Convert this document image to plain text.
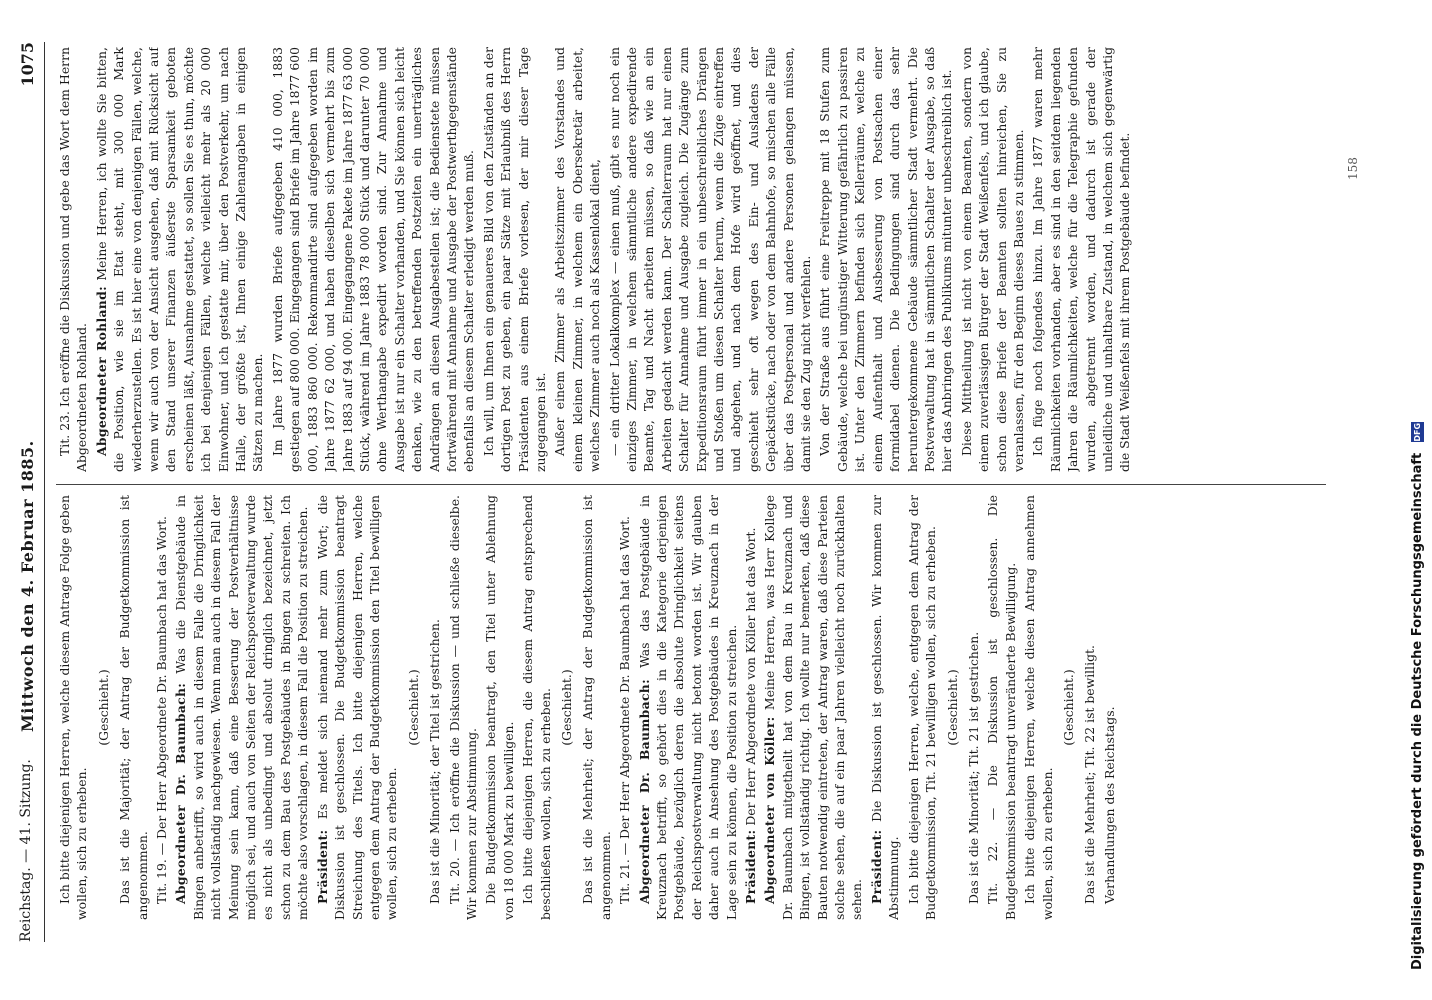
Reichstag. — 41. Sitzung.
Mittwoch den 4. Februar 1885.
1075

Ich bitte diejenigen Herren, welche diesem Antrage Folge geben wollen, sich zu erheben.

(Geschieht.) Das ist die Majorität; der Antrag der Budgetkommission ist angenommen. Tit. 19. — Der Herr Abgeordnete Dr. Baumbach hat das Wort. Abgeordneter Dr. Baumbach: Was die Dienstgebäude in Bingen anbetrifft, so wird auch in diesem Falle die Dringlichkeit nicht vollständig nachgewiesen. Wenn man auch in diesem Fall der Meinung sein kann, daß eine Besserung der Postverhältnisse möglich sei, und auch von Seiten der Reichspostverwaltung wurde es nicht als unbedingt und absolut dringlich bezeichnet, jetzt schon zu dem Bau des Postgebäudes in Bingen zu schreiten. Ich möchte also vorschlagen, in diesem Fall die Position zu streichen. Präsident: Es meldet sich niemand mehr zum Wort; die Diskussion ist geschlossen. Die Budgetkommission beantragt Streichung des Titels. Ich bitte diejenigen Herren, welche entgegen dem Antrag der Budgetkommission den Titel bewilligen wollen, sich zu erheben.

(Geschieht.) Das ist die Minorität; der Titel ist gestrichen. Tit. 20. — Ich eröffne die Diskussion — und schließe dieselbe. Wir kommen zur Abstimmung. Die Budgetkommission beantragt, den Titel unter Ablehnung von 18 000 Mark zu bewilligen. Ich bitte diejenigen Herren, die diesem Antrag entsprechend beschließen wollen, sich zu erheben. (Geschieht.) Das ist die Mehrheit; der Antrag der Budgetkommission ist angenommen. Tit. 21. — Der Herr Abgeordnete Dr. Baumbach hat das Wort. Abgeordneter Dr. Baumbach: Was das Postgebäude in Kreuznach betrifft, so gehört dies in die Kategorie derjenigen Postgebäude, bezüglich deren die absolute Dringlichkeit seitens der Reichspostverwaltung nicht betont worden ist. Wir glauben daher auch in Ansehung des Postgebäudes in Kreuznach in der Lage sein zu können, die Position zu streichen. Präsident: Der Herr Abgeordnete von Köller hat das Wort. Abgeordneter von Köller: Meine Herren, was Herr Kollege Dr. Baumbach mitgetheilt hat von dem Bau in Kreuznach und Bingen, ist vollständig richtig. Ich wollte nur bemerken, daß diese Bauten notwendig eintreten, der Antrag waren, daß diese Parteien solche sehen, die auf ein paar Jahren vielleicht noch zurückhalten sehen. Präsident: Die Diskussion ist geschlossen. Wir kommen zur Abstimmung. Ich bitte diejenigen Herren, welche, entgegen dem Antrag der Budgetkommission, Tit. 21 bewilligen wollen, sich zu erheben. (Geschieht.) Das ist die Minorität; Tit. 21 ist gestrichen. Tit. 22. — Die Diskussion ist geschlossen. Die Budgetkommission beantragt unveränderte Bewilligung. Ich bitte diejenigen Herren, welche diesen Antrag annehmen wollen, sich zu erheben.

(Geschieht.) Das ist die Mehrheit; Tit. 22 ist bewilligt. Verhandlungen des Reichstags.

Tit. 23. Ich eröffne die Diskussion und gebe das Wort dem Herrn Abgeordneten Rohland. Abgeordneter Rohland: Meine Herren, ich wollte Sie bitten, die Position, wie sie im Etat steht, mit 300 000 Mark wiederherzustellen. Es ist hier eine von denjenigen Fällen, welche, wenn wir auch von der Ansicht ausgehen, daß mit Rücksicht auf den Stand unserer Finanzen äußerste Sparsamkeit geboten erscheinen läßt, Ausnahme gestattet, so sollen Sie es thun, möchte ich bei denjenigen Fällen, welche vielleicht mehr als 20 000 Einwohner, und ich gestatte mir, über den Postverkehr, um nach Halle, der größte ist, Ihnen einige Zahlenangaben in einigen Sätzen zu machen. Im Jahre 1877 wurden Briefe aufgegeben 410 000, 1883 gestiegen auf 800 000. Eingegangen sind Briefe im Jahre 1877 600 000, 1883 860 000. Rekommandirte sind aufgegeben worden im Jahre 1877 62 000, und haben dieselben sich vermehrt bis zum Jahre 1883 auf 94 000. Eingegangene Pakete im Jahre 1877 63 000 Stück, während im Jahre 1883 78 000 Stück und darunter 70 000 ohne Werthangabe expedirt worden sind. Zur Annahme und Ausgabe ist nur ein Schalter vorhanden, und Sie können sich leicht denken, wie zu den betreffenden Postzeiten ein unerträgliches Andrängen an diesen Ausgabestellen ist; die Bedienstete müssen fortwährend mit Annahme und Ausgabe der Postwerthgegenstände ebenfalls an diesem Schalter erledigt werden muß. Ich will, um Ihnen ein genaueres Bild von den Zuständen an der dortigen Post zu geben, ein paar Sätze mit Erlaubniß des Herrn Präsidenten aus einem Briefe vorlesen, der mir dieser Tage zugegangen ist. Außer einem Zimmer als Arbeitszimmer des Vorstandes und einem kleinen Zimmer, in welchem ein Obersekretär arbeitet, welches Zimmer auch noch als Kassenlokal dient, — ein dritter Lokalkomplex — einen muß, gibt es nur noch ein einziges Zimmer, in welchem sämmtliche andere expedirende Beamte, Tag und Nacht arbeiten müssen, so daß wie an ein Arbeiten gedacht werden kann. Der Schalterraum hat nur einen Schalter für Annahme und Ausgabe zugleich. Die Zugänge zum Expeditionsraum führt immer in ein unbeschreibliches Drängen und Stoßen um diesen Schalter herum, wenn die Züge eintreffen und abgehen, und nach dem Hofe wird geöffnet, und dies geschieht sehr oft wegen des Ein- und Ausladens der Gepäckstücke, nach oder von dem Bahnhofe, so mischen alle Fälle über das Postpersonal und andere Personen gelangen müssen, damit sie den Zug nicht verfehlen. Von der Straße aus führt eine Freitreppe mit 18 Stufen zum Gebäude, welche bei ungünstiger Witterung gefährlich zu passiren ist. Unter den Zimmern befinden sich Kellerräume, welche zu einem Aufenthalt und Ausbesserung von Postsachen einer formidabel dienen. Die Bedingungen sind durch das sehr heruntergekommene Gebäude sämmtlicher Stadt vermehrt. Die Postverwaltung hat in sämmtlichen Schalter der Ausgabe, so daß hier das Anbringen des Publikums mitunter unbeschreiblich ist. Diese Mittheilung ist nicht von einem Beamten, sondern von einem zuverlässigen Bürger der Stadt Weißenfels, und ich glaube, schon diese Briefe der Beamten sollten hinreichen, Sie zu veranlassen, für den Beginn dieses Baues zu stimmen. Ich füge noch folgendes hinzu. Im Jahre 1877 waren mehr Räumlichkeiten vorhanden, aber es sind in den seitdem liegenden Jahren die Räumlichkeiten, welche für die Telegraphie gefunden wurden, abgetrennt worden, und dadurch ist gerade der unleidliche und unhaltbare Zustand, in welchem sich gegenwärtig die Stadt Weißenfels mit ihrem Postgebäude befindet.	158
Digitalisierung gefördert durch die Deutsche Forschungsgemeinschaft DFG
